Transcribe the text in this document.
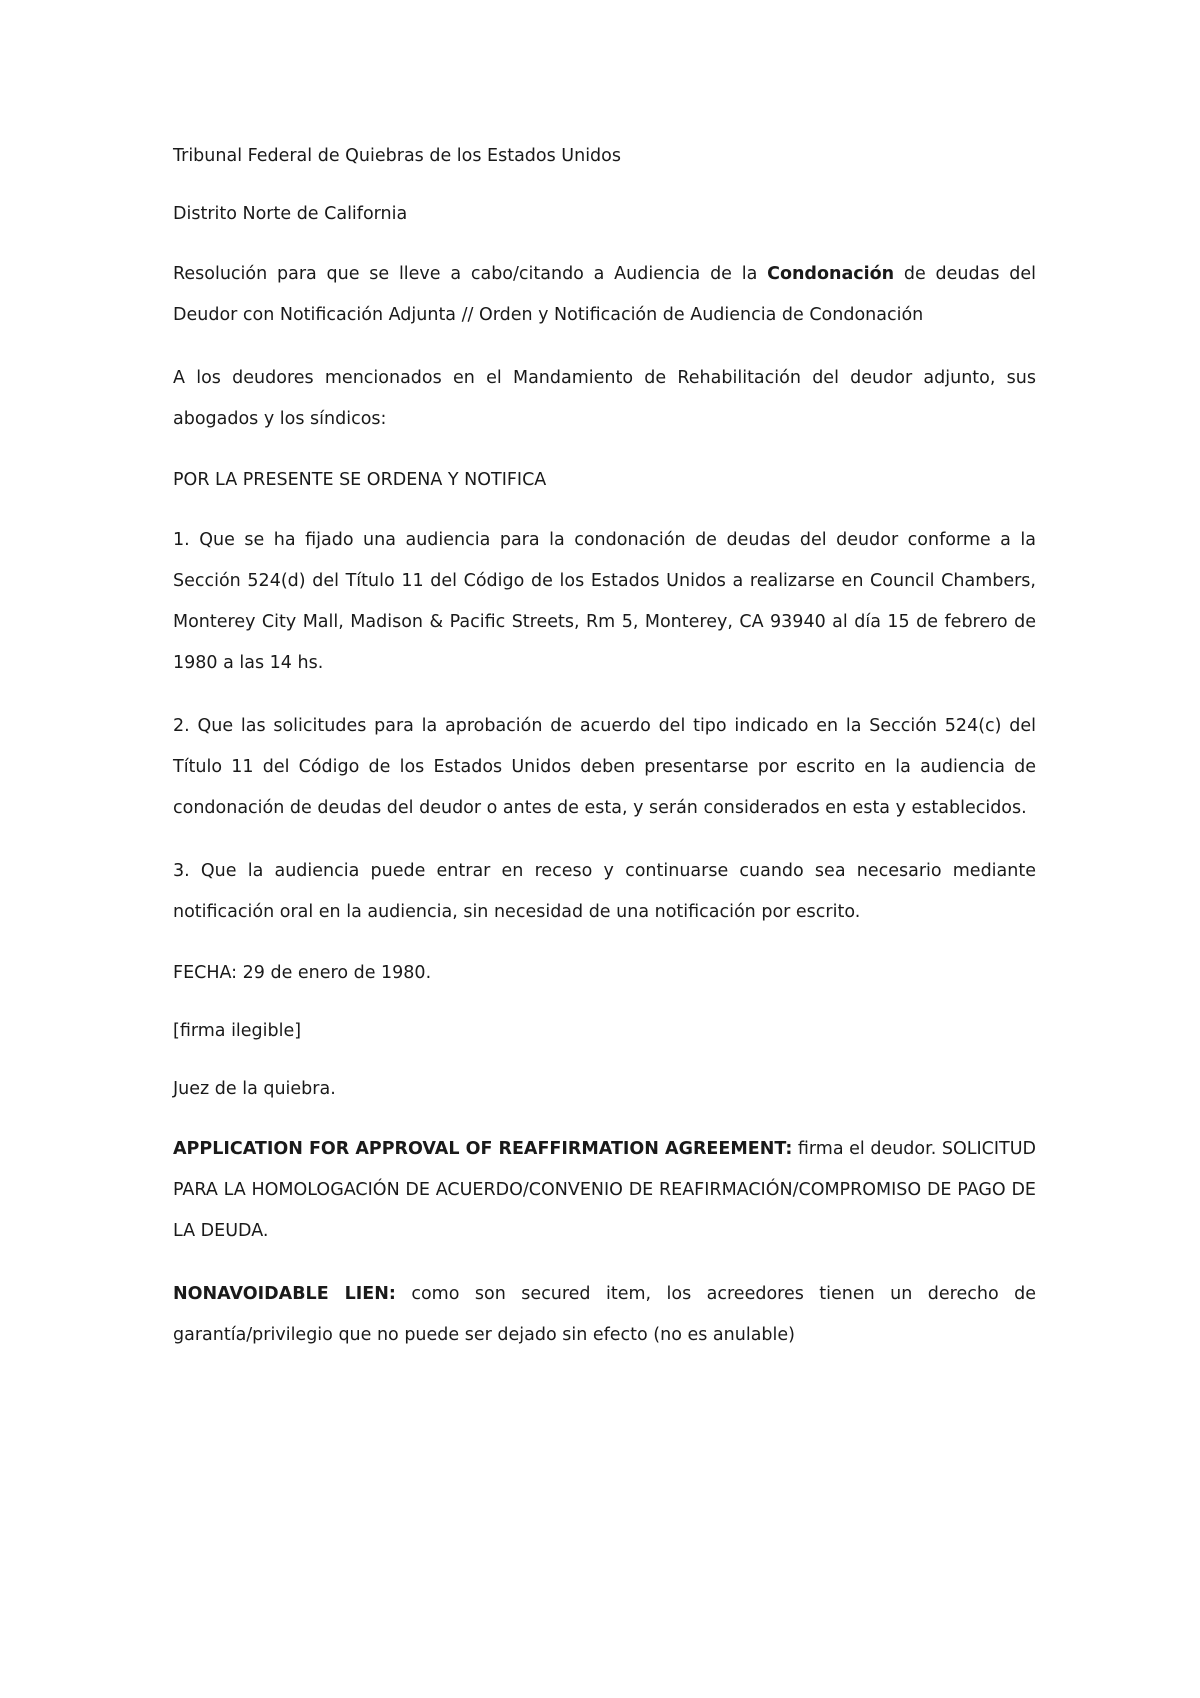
Tribunal Federal de Quiebras de los Estados Unidos

Distrito Norte de California

Resolución para que se lleve a cabo/citando a Audiencia de la Condonación de deudas del Deudor con Notificación Adjunta // Orden y Notificación de Audiencia de Condonación

A los deudores mencionados en el Mandamiento de Rehabilitación del deudor adjunto, sus abogados y los síndicos:

POR LA PRESENTE SE ORDENA Y NOTIFICA

1. Que se ha fijado una audiencia para la condonación de deudas del deudor conforme a la Sección 524(d) del Título 11 del Código de los Estados Unidos a realizarse en Council Chambers, Monterey City Mall, Madison & Pacific Streets, Rm 5, Monterey, CA 93940 al día 15 de febrero de 1980 a las 14 hs.

2. Que las solicitudes para la aprobación de acuerdo del tipo indicado en la Sección 524(c) del Título 11 del Código de los Estados Unidos deben presentarse por escrito en la audiencia de condonación de deudas del deudor o antes de esta, y serán considerados en esta y establecidos.

3. Que la audiencia puede entrar en receso y continuarse cuando sea necesario mediante notificación oral en la audiencia, sin necesidad de una notificación por escrito.

FECHA: 29 de enero de 1980.

[firma ilegible]

Juez de la quiebra.

APPLICATION FOR APPROVAL OF REAFFIRMATION AGREEMENT: firma el deudor. SOLICITUD PARA LA HOMOLOGACIÓN DE ACUERDO/CONVENIO DE REAFIRMACIÓN/COMPROMISO DE PAGO DE LA DEUDA.

NONAVOIDABLE LIEN: como son secured item, los acreedores tienen un derecho de garantía/privilegio que no puede ser dejado sin efecto (no es anulable)
